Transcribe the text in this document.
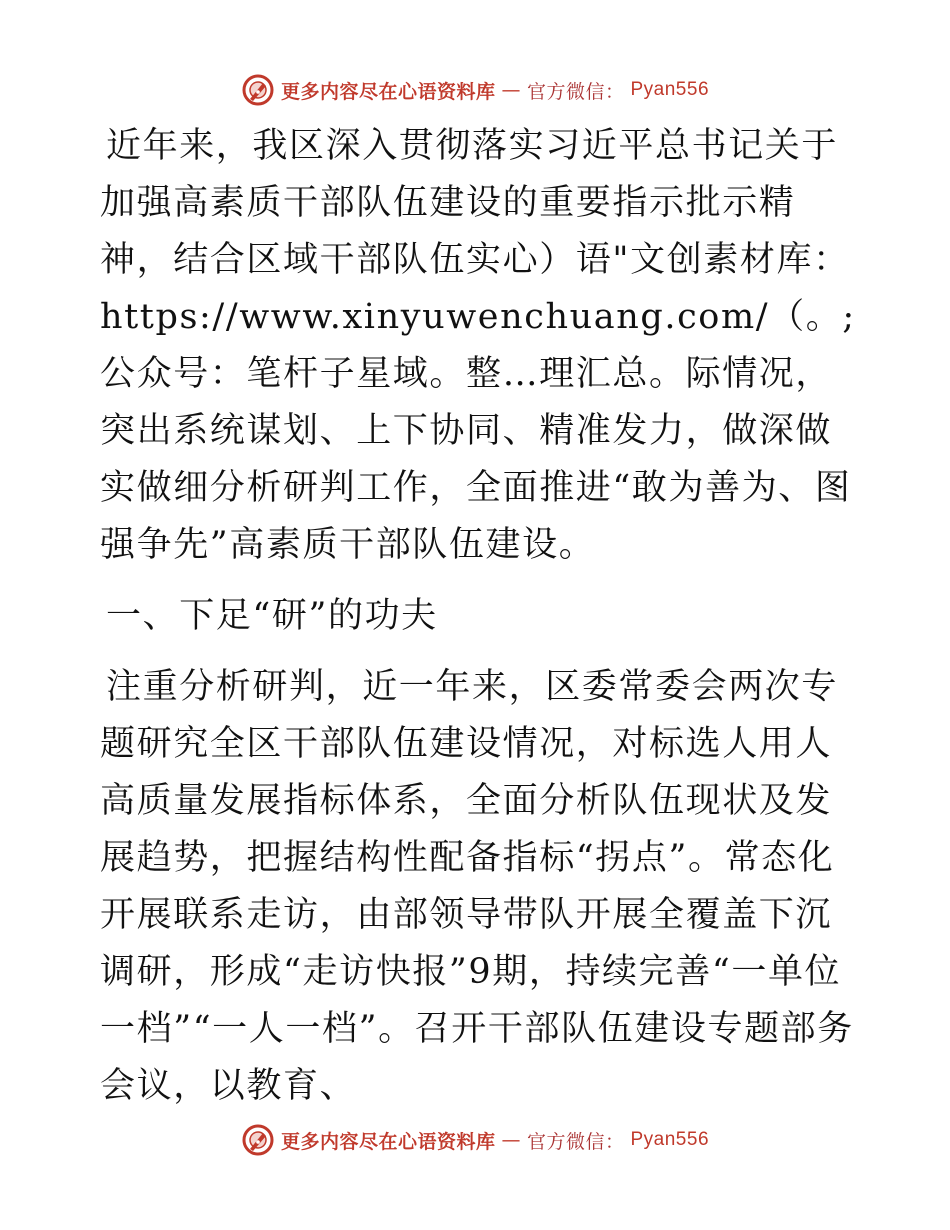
更多内容尽在心语资料库 — 官方微信： Pyan556

近年来，我区深入贯彻落实习近平总书记关于加强高素质干部队伍建设的重要指示批示精神，结合区域干部队伍实心）语"文创素材库：https://www.xinyuwenchuang.com/（。;公众号：笔杆子星域。整…理汇总。际情况，突出系统谋划、上下协同、精准发力，做深做实做细分析研判工作，全面推进“敢为善为、图强争先”高素质干部队伍建设。

一、下足“研”的功夫

注重分析研判，近一年来，区委常委会两次专题研究全区干部队伍建设情况，对标选人用人高质量发展指标体系，全面分析队伍现状及发展趋势，把握结构性配备指标“拐点”。常态化开展联系走访，由部领导带队开展全覆盖下沉调研，形成“走访快报”9期，持续完善“一单位一档”“一人一档”。召开干部队伍建设专题部务会议，以教育、

更多内容尽在心语资料库 — 官方微信： Pyan556
